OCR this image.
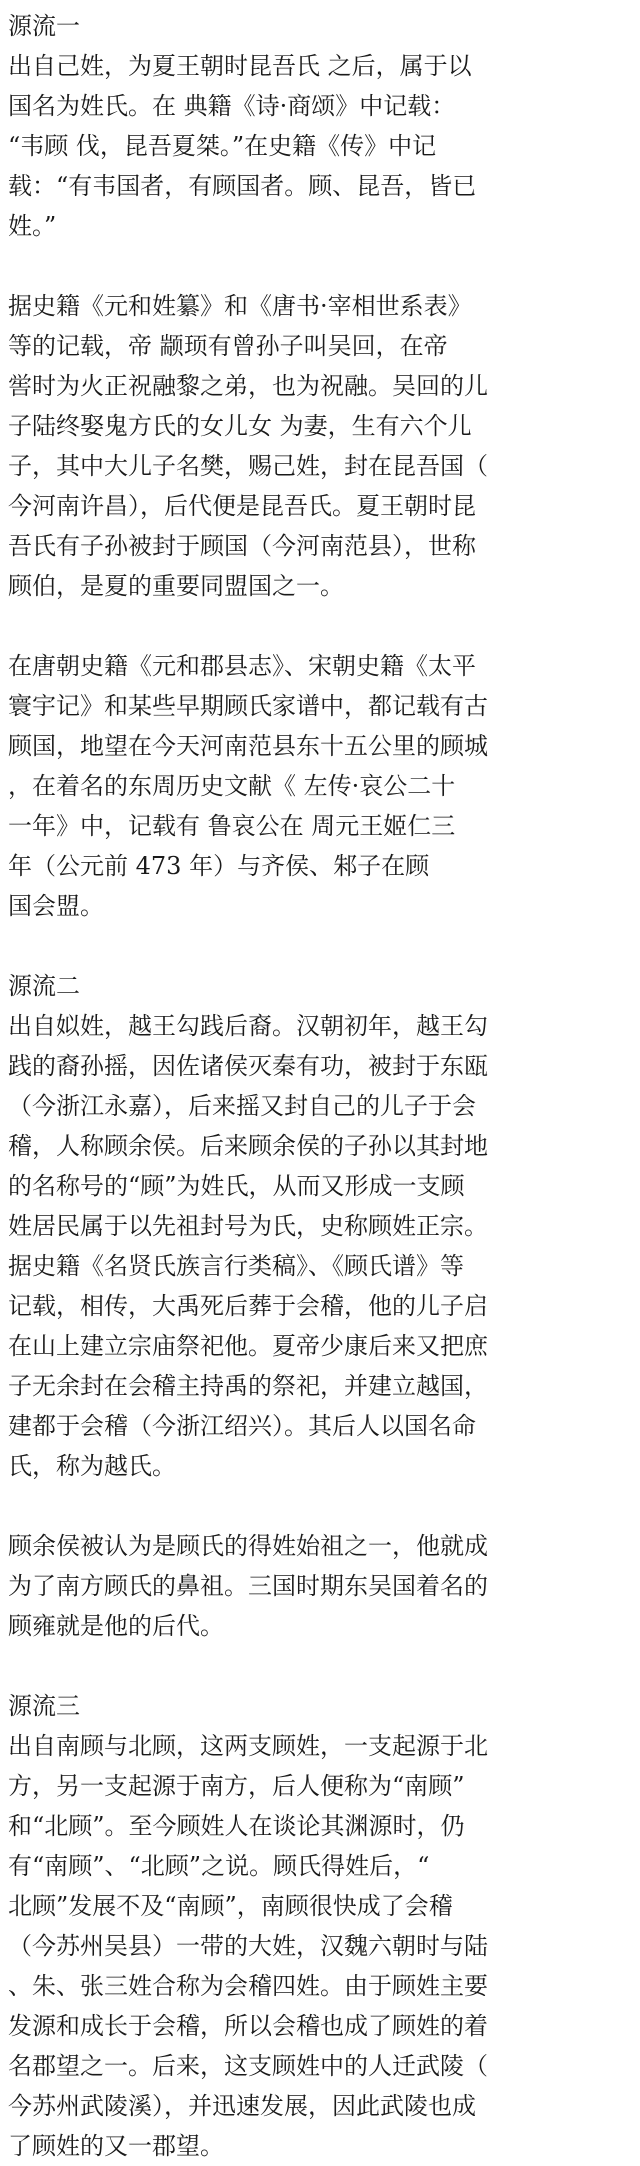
源流一
出自己姓，为夏王朝时昆吾氏 之后，属于以
国名为姓氏。在 典籍《诗·商颂》中记载：
“韦顾 伐，昆吾夏桀。”在史籍《传》中记
载：“有韦国者，有顾国者。顾、昆吾，皆已
姓。”
据史籍《元和姓纂》和《唐书·宰相世系表》
等的记载，帝 颛顼有曾孙子叫吴回，在帝
喾时为火正祝融黎之弟，也为祝融。吴回的儿
子陆终娶鬼方氏的女儿女 为妻，生有六个儿
子，其中大儿子名樊，赐己姓，封在昆吾国（
今河南许昌），后代便是昆吾氏。夏王朝时昆
吾氏有子孙被封于顾国（今河南范县），世称
顾伯，是夏的重要同盟国之一。
在唐朝史籍《元和郡县志》、宋朝史籍《太平
寰宇记》和某些早期顾氏家谱中，都记载有古
顾国，地望在今天河南范县东十五公里的顾城
，在着名的东周历史文献《 左传·哀公二十
一年》中，记载有 鲁哀公在 周元王姬仁三
年（公元前 473 年）与齐侯、邾子在顾
国会盟。
源流二
出自姒姓，越王勾践后裔。汉朝初年，越王勾
践的裔孙摇，因佐诸侯灭秦有功，被封于东瓯
（今浙江永嘉），后来摇又封自己的儿子于会
稽，人称顾余侯。后来顾余侯的子孙以其封地
的名称号的“顾”为姓氏，从而又形成一支顾
姓居民属于以先祖封号为氏，史称顾姓正宗。
据史籍《名贤氏族言行类稿》、《顾氏谱》等
记载，相传，大禹死后葬于会稽，他的儿子启
在山上建立宗庙祭祀他。夏帝少康后来又把庶
子无余封在会稽主持禹的祭祀，并建立越国，
建都于会稽（今浙江绍兴）。其后人以国名命
氏，称为越氏。
顾余侯被认为是顾氏的得姓始祖之一，他就成
为了南方顾氏的鼻祖。三国时期东吴国着名的
顾雍就是他的后代。
源流三
出自南顾与北顾，这两支顾姓，一支起源于北
方，另一支起源于南方，后人便称为“南顾”
和“北顾”。至今顾姓人在谈论其渊源时，仍
有“南顾”、“北顾”之说。顾氏得姓后，“
北顾”发展不及“南顾”，南顾很快成了会稽
（今苏州吴县）一带的大姓，汉魏六朝时与陆
、朱、张三姓合称为会稽四姓。由于顾姓主要
发源和成长于会稽，所以会稽也成了顾姓的着
名郡望之一。后来，这支顾姓中的人迁武陵（
今苏州武陵溪），并迅速发展，因此武陵也成
了顾姓的又一郡望。
